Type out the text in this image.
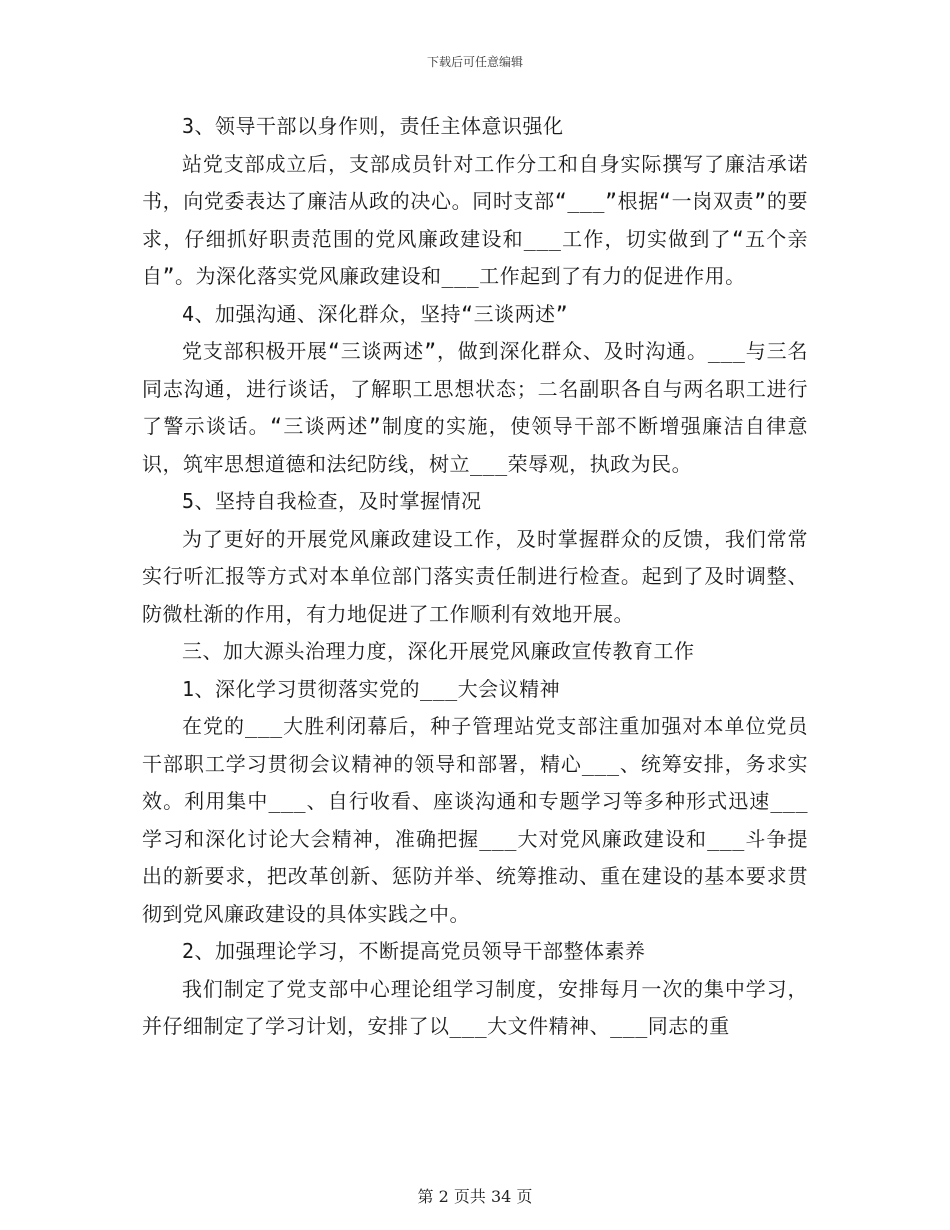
下载后可任意编辑

3、领导干部以身作则，责任主体意识强化

站党支部成立后，支部成员针对工作分工和自身实际撰写了廉洁承诺书，向党委表达了廉洁从政的决心。同时支部“___”根据“一岗双责”的要求，仔细抓好职责范围的党风廉政建设和___工作，切实做到了“五个亲自”。为深化落实党风廉政建设和___工作起到了有力的促进作用。

4、加强沟通、深化群众，坚持“三谈两述”

党支部积极开展“三谈两述”，做到深化群众、及时沟通。___与三名同志沟通，进行谈话，了解职工思想状态；二名副职各自与两名职工进行了警示谈话。“三谈两述”制度的实施，使领导干部不断增强廉洁自律意识，筑牢思想道德和法纪防线，树立___荣辱观，执政为民。

5、坚持自我检查，及时掌握情况

为了更好的开展党风廉政建设工作，及时掌握群众的反馈，我们常常实行听汇报等方式对本单位部门落实责任制进行检查。起到了及时调整、防微杜渐的作用，有力地促进了工作顺利有效地开展。

三、加大源头治理力度，深化开展党风廉政宣传教育工作

1、深化学习贯彻落实党的___大会议精神

在党的___大胜利闭幕后，种子管理站党支部注重加强对本单位党员干部职工学习贯彻会议精神的领导和部署，精心___、统筹安排，务求实效。利用集中___、自行收看、座谈沟通和专题学习等多种形式迅速___学习和深化讨论大会精神，准确把握___大对党风廉政建设和___斗争提出的新要求，把改革创新、惩防并举、统筹推动、重在建设的基本要求贯彻到党风廉政建设的具体实践之中。

2、加强理论学习，不断提高党员领导干部整体素养

我们制定了党支部中心理论组学习制度，安排每月一次的集中学习，并仔细制定了学习计划，安排了以___大文件精神、___同志的重

第 2 页共 34 页
